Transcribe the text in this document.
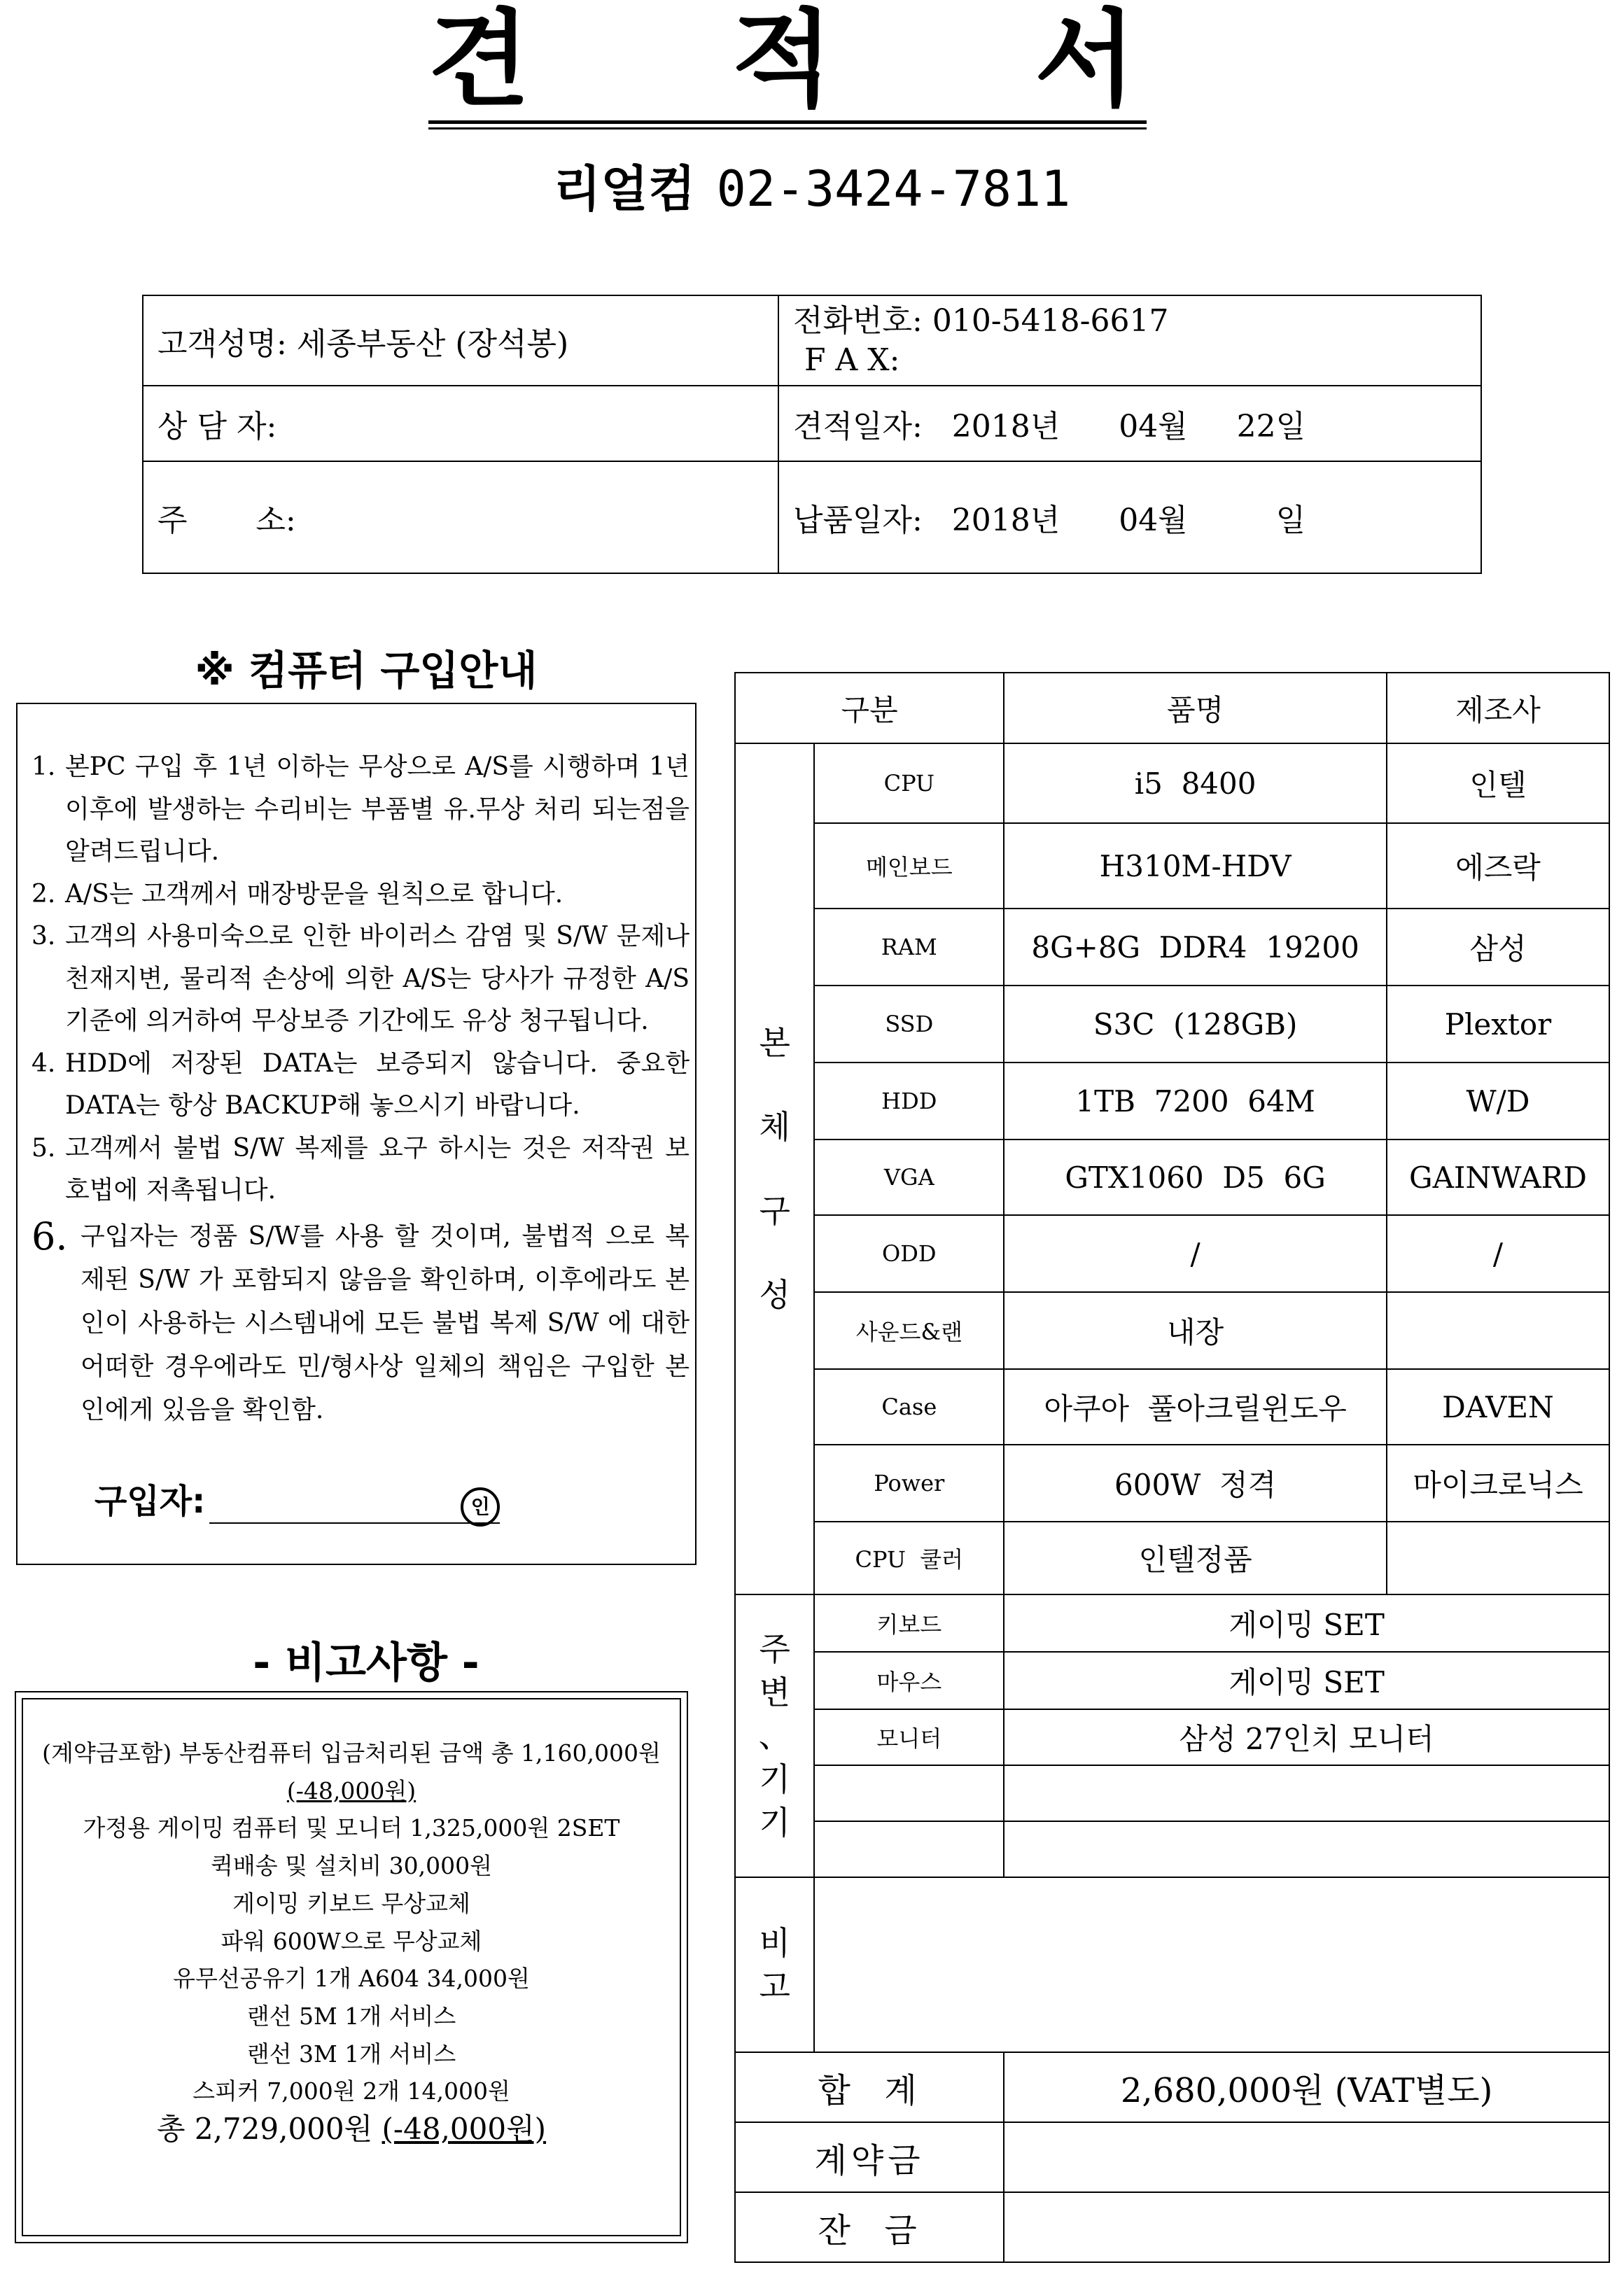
견 적 서
리얼컴 02-3424-7811
고객성명: 세종부동산 (장석봉)	전화번호: 010-5418-6617
F A X:

상 담 자:	견적일자:   2018년      04월     22일
주       소:	납품일자:   2018년      04월         일
※ 컴퓨터 구입안내
1. 본PC 구입 후 1년 이하는 무상으로 A/S를 시행하며 1년 이후에 발생하는 수리비는 부품별 유.무상 처리 되는점을 알려드립니다.
2. A/S는 고객께서 매장방문을 원칙으로 합니다.
3. 고객의 사용미숙으로 인한 바이러스 감염 및 S/W 문제나 천재지변, 물리적 손상에 의한 A/S는 당사가 규정한 A/S 기준에 의거하여 무상보증 기간에도 유상 청구됩니다.
4. HDD에 저장된 DATA는 보증되지 않습니다. 중요한 DATA는 항상 BACKUP해 놓으시기 바랍니다.
5. 고객께서 불법 S/W 복제를 요구 하시는 것은 저작권 보호법에 저촉됩니다.
6. 구입자는 정품 S/W를 사용 할 것이며, 불법적 으로 복제된 S/W 가 포함되지 않음을 확인하며, 이후에라도 본인이 사용하는 시스템내에 모든 불법 복제 S/W 에 대한 어떠한 경우에라도 민/형사상 일체의 책임은 구입한 본인에게 있음을 확인함.
구입자:	인
- 비고사항 -
(계약금포함) 부동산컴퓨터 입금처리된 금액 총 1,160,000원
(-48,000원)
가정용 게이밍 컴퓨터 및 모니터 1,325,000원 2SET
퀵배송 및 설치비 30,000원
게이밍 키보드 무상교체
파워 600W으로 무상교체
유무선공유기 1개 A604 34,000원
랜선 5M 1개 서비스
랜선 3M 1개 서비스
스피커 7,000원 2개 14,000원
총 2,729,000원 (-48,000원)
구분		품명	제조사
본
체
구
성	CPU	i5  8400	인텔
	메인보드	H310M-HDV	에즈락
	RAM	8G+8G  DDR4  19200	삼성
	SSD	S3C  (128GB)	Plextor
	HDD	1TB  7200  64M	W/D
	VGA	GTX1060  D5  6G	GAINWARD
	ODD	/	/
	사운드&랜	내장	
	Case	아쿠아  풀아크릴윈도우	DAVEN
	Power	600W  정격	마이크로닉스
	CPU  쿨러	인텔정품	
주
변
、
기
기	키보드	게이밍 SET	
	마우스	게이밍 SET	
	모니터	삼성 27인치 모니터	

비
고			
합  계		2,680,000원 (VAT별도)	
계약금			
잔  금			
